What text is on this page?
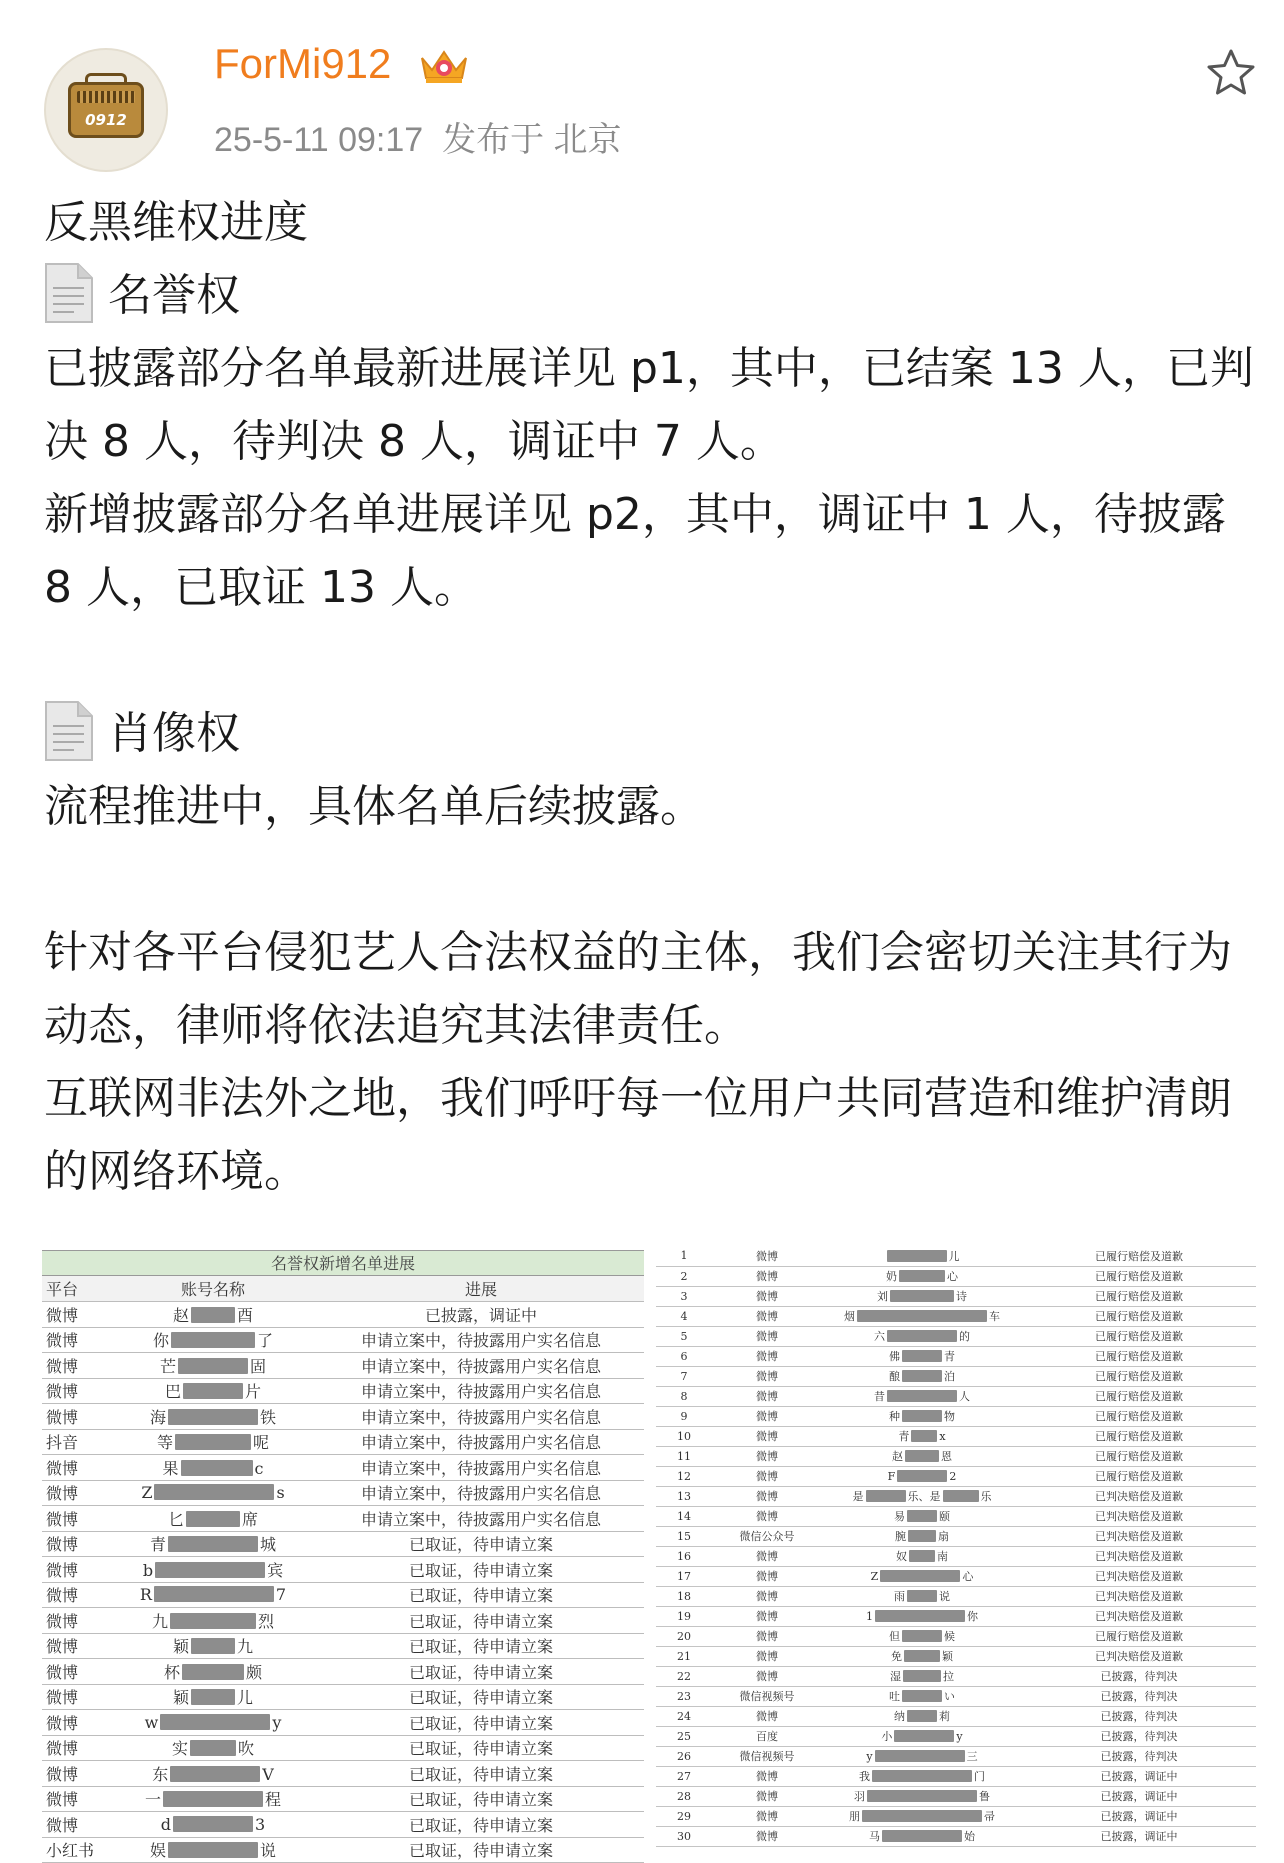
0912
ForMi912
25-5-11 09:17 发布于 北京

反黑维权进度

名誉权

已披露部分名单最新进展详见 p1，其中，已结案 13 人，已判决 8 人，待判决 8 人，调证中 7 人。

新增披露部分名单进展详见 p2，其中，调证中 1 人，待披露 8 人，已取证 13 人。

肖像权

流程推进中，具体名单后续披露。

针对各平台侵犯艺人合法权益的主体，我们会密切关注其行为动态，律师将依法追究其法律责任。

互联网非法外之地，我们呼吁每一位用户共同营造和维护清朗的网络环境。

名誉权新增名单进展
平台	账号名称	进展
微博	赵 酉	已披露，调证中
微博	你 了	申请立案中，待披露用户实名信息
微博	芒 固	申请立案中，待披露用户实名信息
微博	巴 片	申请立案中，待披露用户实名信息
微博	海 铁	申请立案中，待披露用户实名信息
抖音	等 呢	申请立案中，待披露用户实名信息
微博	果 c	申请立案中，待披露用户实名信息
微博	Z s	申请立案中，待披露用户实名信息
微博	匕 席	申请立案中，待披露用户实名信息
微博	青 城	已取证，待申请立案
微博	b 宾	已取证，待申请立案
微博	R 7	已取证，待申请立案
微博	九 烈	已取证，待申请立案
微博	颖 九	已取证，待申请立案
微博	杯 颇	已取证，待申请立案
微博	颖 儿	已取证，待申请立案
微博	w y	已取证，待申请立案
微博	实 吹	已取证，待申请立案
微博	东 V	已取证，待申请立案
微博	一 程	已取证，待申请立案
微博	d 3	已取证，待申请立案
小红书	娱 说	已取证，待申请立案
1	微博	儿	已履行赔偿及道歉
2	微博	奶 心	已履行赔偿及道歉
3	微博	刘 诗	已履行赔偿及道歉
4	微博	烟 车	已履行赔偿及道歉
5	微博	六 的	已履行赔偿及道歉
6	微博	佛 青	已履行赔偿及道歉
7	微博	酿 泊	已履行赔偿及道歉
8	微博	昔 人	已履行赔偿及道歉
9	微博	种 物	已履行赔偿及道歉
10	微博	青 x	已履行赔偿及道歉
11	微博	赵 恩	已履行赔偿及道歉
12	微博	F 2	已履行赔偿及道歉
13	微博	是 乐、是 乐	已判决赔偿及道歉
14	微博	易 颐	已判决赔偿及道歉
15	微信公众号	腕 扇	已判决赔偿及道歉
16	微博	奴 南	已判决赔偿及道歉
17	微博	Z 心	已判决赔偿及道歉
18	微博	雨 说	已判决赔偿及道歉
19	微博	1 你	已判决赔偿及道歉
20	微博	但 候	已履行赔偿及道歉
21	微博	免 颖	已判决赔偿及道歉
22	微博	湿 拉	已披露，待判决
23	微信视频号	吐 い	已披露，待判决
24	微博	纳 莉	已披露，待判决
25	百度	小 y	已披露，待判决
26	微信视频号	y 三	已披露，待判决
27	微博	我 门	已披露，调证中
28	微博	羽 鲁	已披露，调证中
29	微博	朋 帚	已披露，调证中
30	微博	马 始	已披露，调证中
